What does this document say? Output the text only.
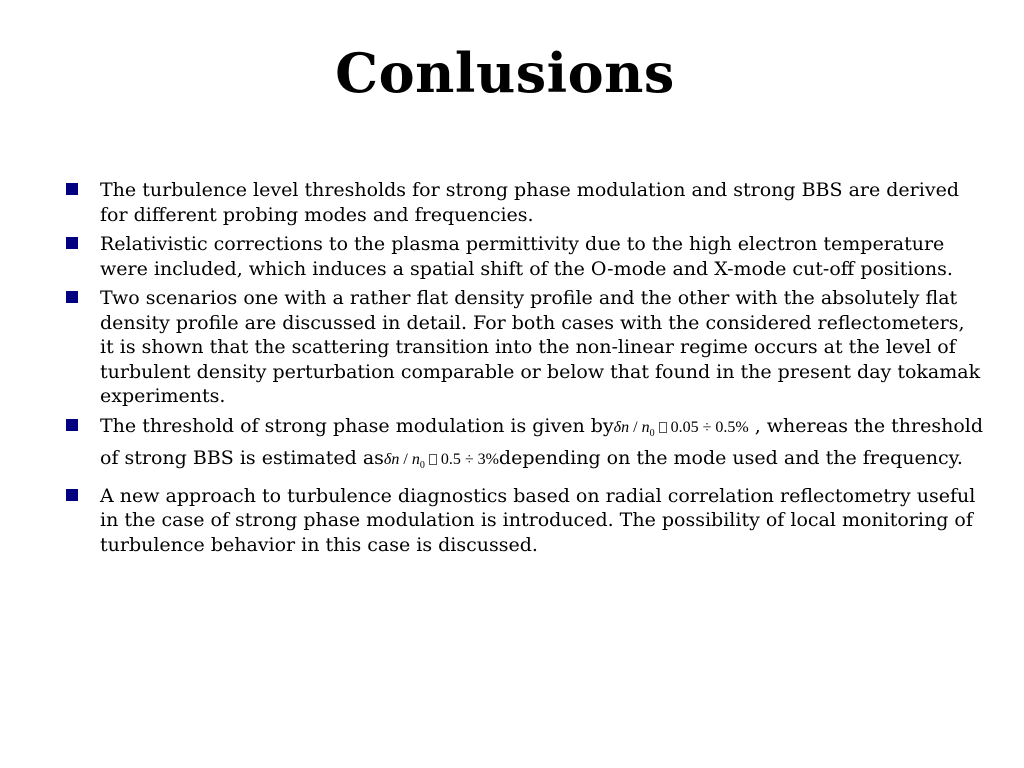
Conlusions
The turbulence level thresholds for strong phase modulation and strong BBS are derived for different probing modes and frequencies.
Relativistic corrections to the plasma permittivity due to the high electron temperature were included, which induces a spatial shift of the O-mode and X-mode cut-off positions.
Two scenarios one with a rather flat density profile and the other with the absolutely flat density profile are discussed in detail. For both cases with the considered reflectometers, it is shown that the scattering transition into the non-linear regime occurs at the level of turbulent density perturbation comparable or below that found in the present day tokamak experiments.
The threshold of strong phase modulation is given byδn / $n_0$ 0.05 ÷ 0.5% , whereas the threshold of strong BBS is estimated asδn / $n_0$ 0.5 ÷ 3%depending on the mode used and the frequency.
A new approach to turbulence diagnostics based on radial correlation reflectometry useful in the case of strong phase modulation is introduced. The possibility of local monitoring of turbulence behavior in this case is discussed.
